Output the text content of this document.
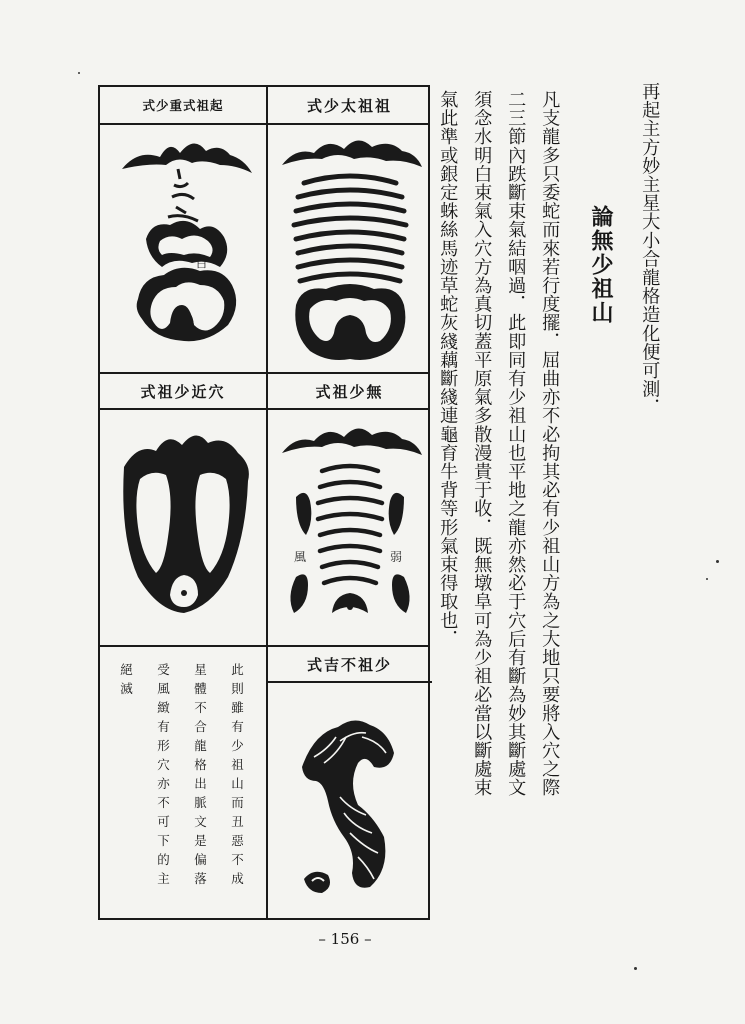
再起主方妙主星大小合龍格造化便可測．
論無少祖山
凡支龍多只委蛇而來若行度擺．屈曲亦不必拘其必有少祖山方為之大地只要將入穴之際
二三節內跌斷束氣結咽過．此即同有少祖山也平地之龍亦然必于穴后有斷為妙其斷處文
須念水明白束氣入穴方為真切蓋平原氣多散漫貴于收．既無墩阜可為少祖必當以斷處束
氣此準或銀定蛛絲馬迹草蛇灰綫藕斷綫連龜育牛背等形氣束得取也．
式少重式祖起	式少太祖祖
式祖少近穴	式祖少無
式吉不祖少
白
風	弱
此則雖有少祖山而丑惡不成
星體不合龍格出脈文是偏落
受風緻有形穴亦不可下的主
絕滅
– 156 –
